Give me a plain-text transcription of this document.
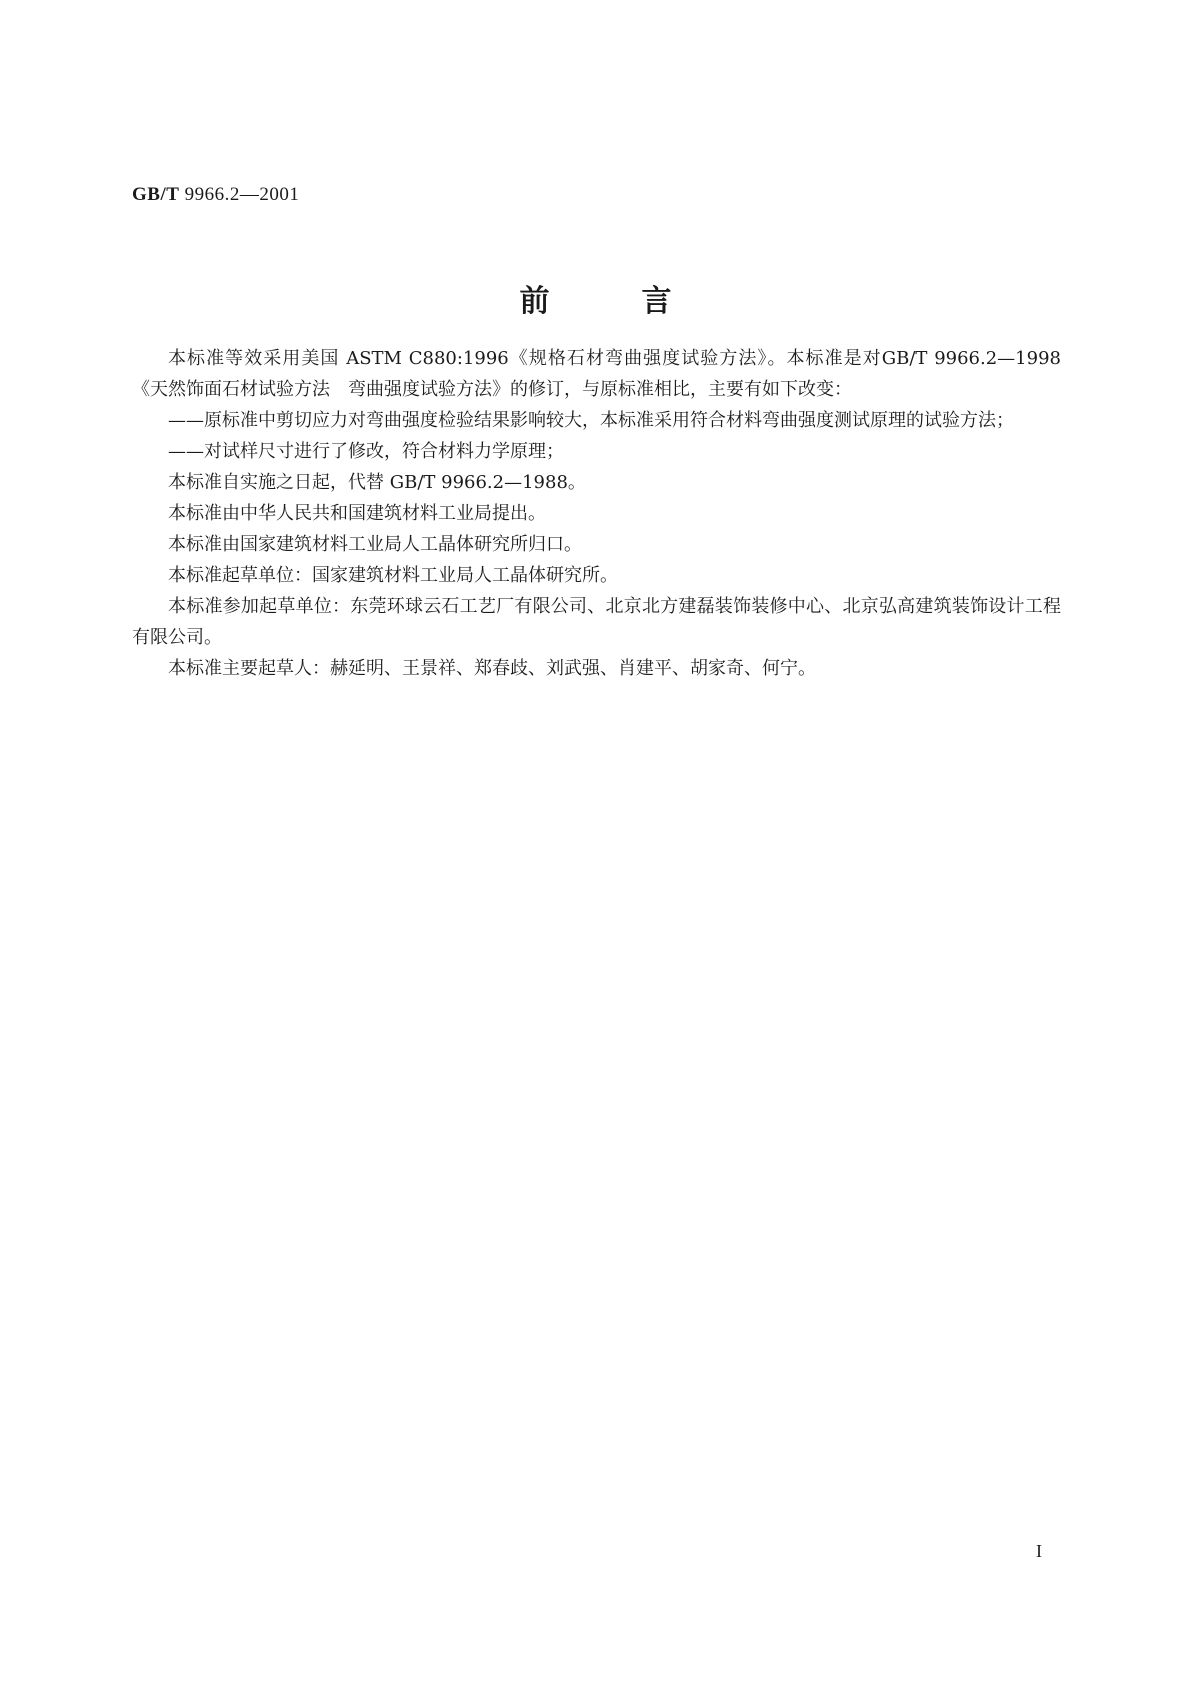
GB/T 9966.2—2001
前	言

本标准等效采用美国 ASTM C880:1996《规格石材弯曲强度试验方法》。本标准是对GB/T 9966.2—1998《天然饰面石材试验方法　弯曲强度试验方法》的修订，与原标准相比，主要有如下改变：

——原标准中剪切应力对弯曲强度检验结果影响较大，本标准采用符合材料弯曲强度测试原理的试验方法；

——对试样尺寸进行了修改，符合材料力学原理；

本标准自实施之日起，代替 GB/T 9966.2—1988。

本标准由中华人民共和国建筑材料工业局提出。

本标准由国家建筑材料工业局人工晶体研究所归口。

本标准起草单位：国家建筑材料工业局人工晶体研究所。

本标准参加起草单位：东莞环球云石工艺厂有限公司、北京北方建磊装饰装修中心、北京弘高建筑装饰设计工程有限公司。

本标准主要起草人：赫延明、王景祥、郑春歧、刘武强、肖建平、胡家奇、何宁。

I
